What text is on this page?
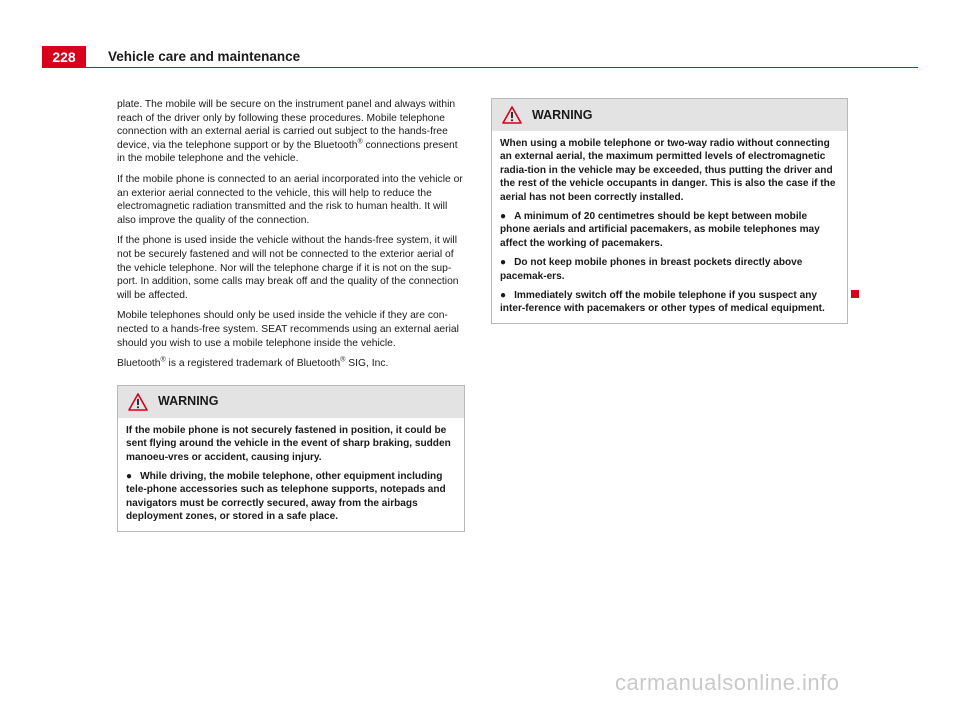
228	Vehicle care and maintenance

plate. The mobile will be secure on the instrument panel and always within reach of the driver only by following these procedures. Mobile telephone connection with an external aerial is carried out subject to the hands-free device, via the telephone support or by the Bluetooth® connections present in the mobile telephone and the vehicle.

If the mobile phone is connected to an aerial incorporated into the vehicle or an exterior aerial connected to the vehicle, this will help to reduce the electromagnetic radiation transmitted and the risk to human health. It will also improve the quality of the connection.

If the phone is used inside the vehicle without the hands-free system, it will not be securely fastened and will not be connected to the exterior aerial of the vehicle telephone. Nor will the telephone charge if it is not on the sup-port. In addition, some calls may break off and the quality of the connection will be affected.

Mobile telephones should only be used inside the vehicle if they are con-nected to a hands-free system. SEAT recommends using an external aerial should you wish to use a mobile telephone inside the vehicle.

Bluetooth® is a registered trademark of Bluetooth® SIG, Inc.

WARNING

If the mobile phone is not securely fastened in position, it could be sent flying around the vehicle in the event of sharp braking, sudden manoeu-vres or accident, causing injury.

● While driving, the mobile telephone, other equipment including tele-phone accessories such as telephone supports, notepads and navigators must be correctly secured, away from the airbags deployment zones, or stored in a safe place.

WARNING

When using a mobile telephone or two-way radio without connecting an external aerial, the maximum permitted levels of electromagnetic radia-tion in the vehicle may be exceeded, thus putting the driver and the rest of the vehicle occupants in danger. This is also the case if the aerial has not been correctly installed.

● A minimum of 20 centimetres should be kept between mobile phone aerials and artificial pacemakers, as mobile telephones may affect the working of pacemakers.

● Do not keep mobile phones in breast pockets directly above pacemak-ers.

● Immediately switch off the mobile telephone if you suspect any inter-ference with pacemakers or other types of medical equipment.

carmanualsonline.info
